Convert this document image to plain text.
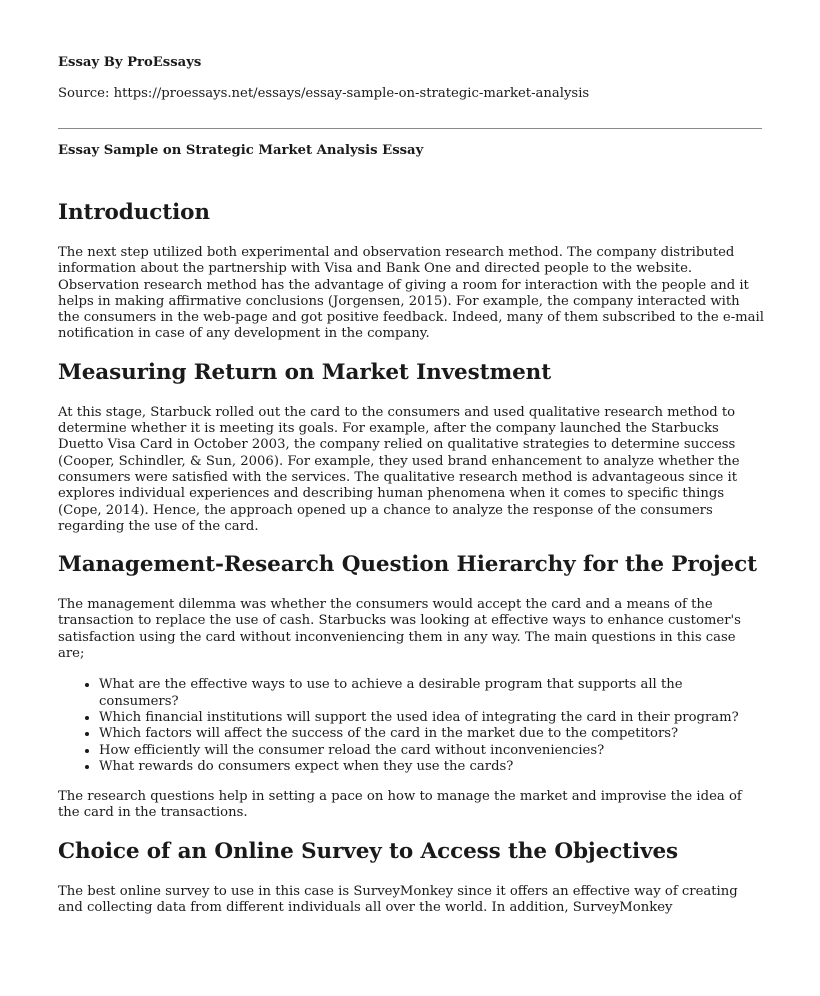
Essay By ProEssays

Source: https://proessays.net/essays/essay-sample-on-strategic-market-analysis

Essay Sample on Strategic Market Analysis Essay

Introduction

The next step utilized both experimental and observation research method. The company distributed information about the partnership with Visa and Bank One and directed people to the website. Observation research method has the advantage of giving a room for interaction with the people and it helps in making affirmative conclusions (Jorgensen, 2015). For example, the company interacted with the consumers in the web-page and got positive feedback. Indeed, many of them subscribed to the e-mail notification in case of any development in the company.

Measuring Return on Market Investment

At this stage, Starbuck rolled out the card to the consumers and used qualitative research method to determine whether it is meeting its goals. For example, after the company launched the Starbucks Duetto Visa Card in October 2003, the company relied on qualitative strategies to determine success (Cooper, Schindler, & Sun, 2006). For example, they used brand enhancement to analyze whether the consumers were satisfied with the services. The qualitative research method is advantageous since it explores individual experiences and describing human phenomena when it comes to specific things (Cope, 2014). Hence, the approach opened up a chance to analyze the response of the consumers regarding the use of the card.

Management-Research Question Hierarchy for the Project

The management dilemma was whether the consumers would accept the card and a means of the transaction to replace the use of cash. Starbucks was looking at effective ways to enhance customer's satisfaction using the card without inconveniencing them in any way. The main questions in this case are;

• What are the effective ways to use to achieve a desirable program that supports all the consumers?
• Which financial institutions will support the used idea of integrating the card in their program?
• Which factors will affect the success of the card in the market due to the competitors?
• How efficiently will the consumer reload the card without inconveniencies?
• What rewards do consumers expect when they use the cards?

The research questions help in setting a pace on how to manage the market and improvise the idea of the card in the transactions.

Choice of an Online Survey to Access the Objectives

The best online survey to use in this case is SurveyMonkey since it offers an effective way of creating and collecting data from different individuals all over the world. In addition, SurveyMonkey
